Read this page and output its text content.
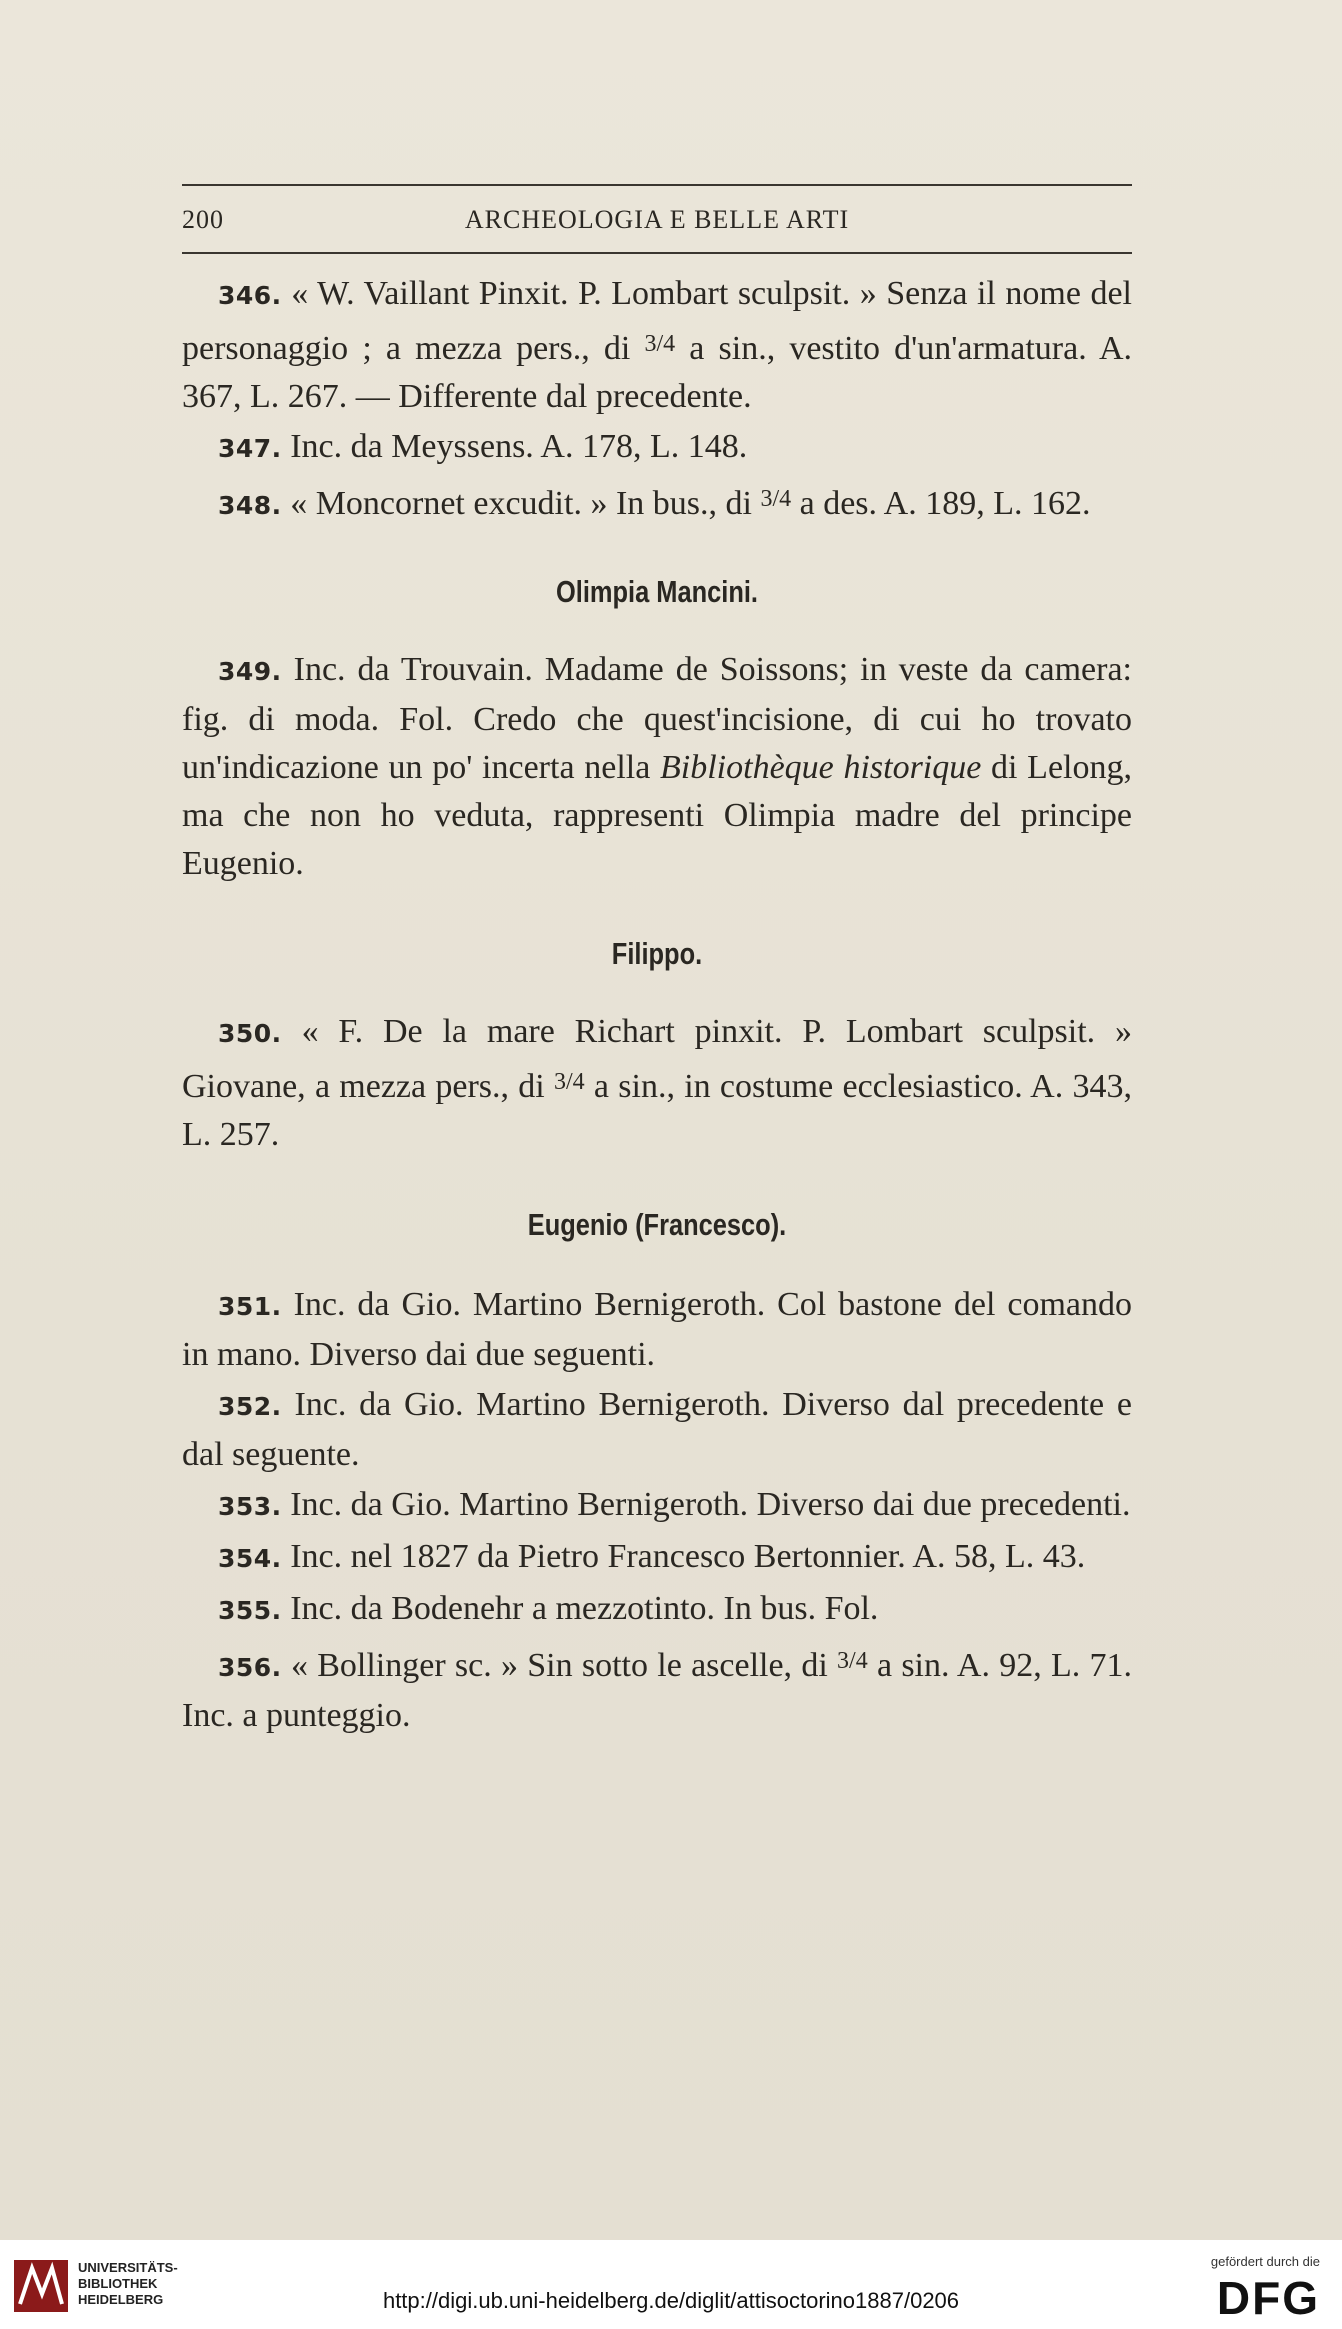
200	ARCHEOLOGIA E BELLE ARTI

346. « W. Vaillant Pinxit. P. Lombart sculpsit. » Senza il nome del personaggio ; a mezza pers., di $^{3/4}$ a sin., vestito d'un'armatura. A. 367, L. 267. — Differente dal precedente.

347. Inc. da Meyssens. A. 178, L. 148.

348. « Moncornet excudit. » In bus., di $^{3/4}$ a des. A. 189, L. 162.

Olimpia Mancini.

349. Inc. da Trouvain. Madame de Soissons; in veste da camera: fig. di moda. Fol. Credo che quest'incisione, di cui ho trovato un'indicazione un po' incerta nella Bibliothèque historique di Lelong, ma che non ho veduta, rappresenti Olimpia madre del principe Eugenio.

Filippo.

350. « F. De la mare Richart pinxit. P. Lombart sculpsit. » Giovane, a mezza pers., di $^{3/4}$ a sin., in costume ecclesiastico. A. 343, L. 257.

Eugenio (Francesco).

351. Inc. da Gio. Martino Bernigeroth. Col bastone del comando in mano. Diverso dai due seguenti.

352. Inc. da Gio. Martino Bernigeroth. Diverso dal precedente e dal seguente.

353. Inc. da Gio. Martino Bernigeroth. Diverso dai due precedenti.

354. Inc. nel 1827 da Pietro Francesco Bertonnier. A. 58, L. 43.

355. Inc. da Bodenehr a mezzotinto. In bus. Fol.

356. « Bollinger sc. » Sin sotto le ascelle, di $^{3/4}$ a sin. A. 92, L. 71. Inc. a punteggio.

UNIVERSITÄTS-
BIBLIOTHEK
HEIDELBERG	http://digi.ub.uni-heidelberg.de/diglit/attisoctorino1887/0206
gefördert durch die
DFG
